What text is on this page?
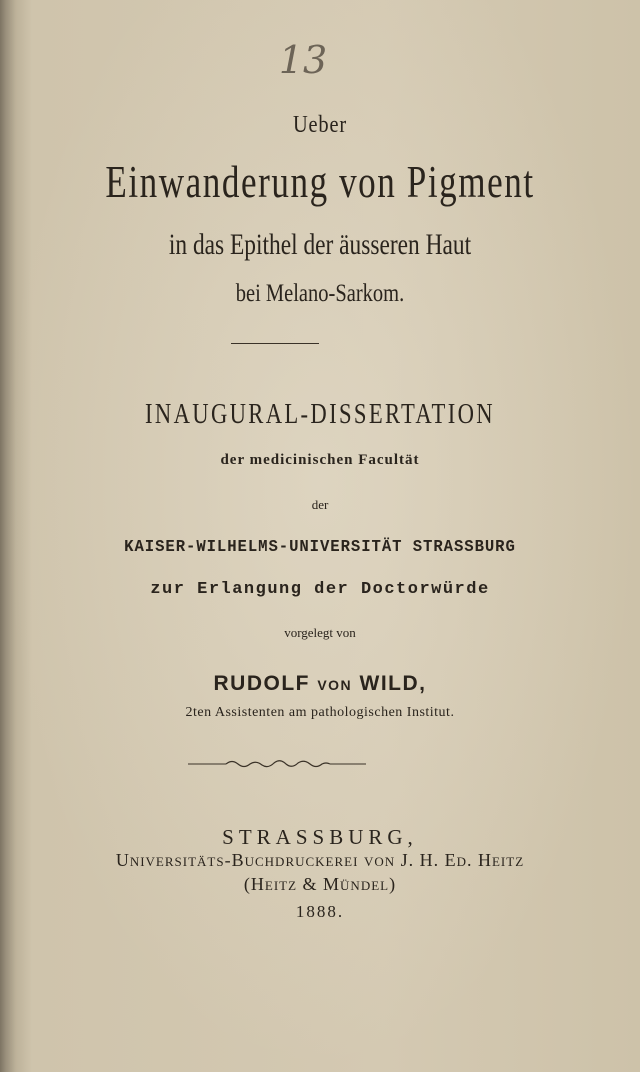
13

Ueber

Einwanderung von Pigment

in das Epithel der äusseren Haut

bei Melano-Sarkom.

INAUGURAL-DISSERTATION

der medicinischen Facultät

der

KAISER-WILHELMS-UNIVERSITÄT STRASSBURG

zur Erlangung der Doctorwürde

vorgelegt von

RUDOLF VON WILD,

2ten Assistenten am pathologischen Institut.

STRASSBURG,

Universitäts-Buchdruckerei von J. H. Ed. Heitz

(Heitz & Mündel)

1888.
